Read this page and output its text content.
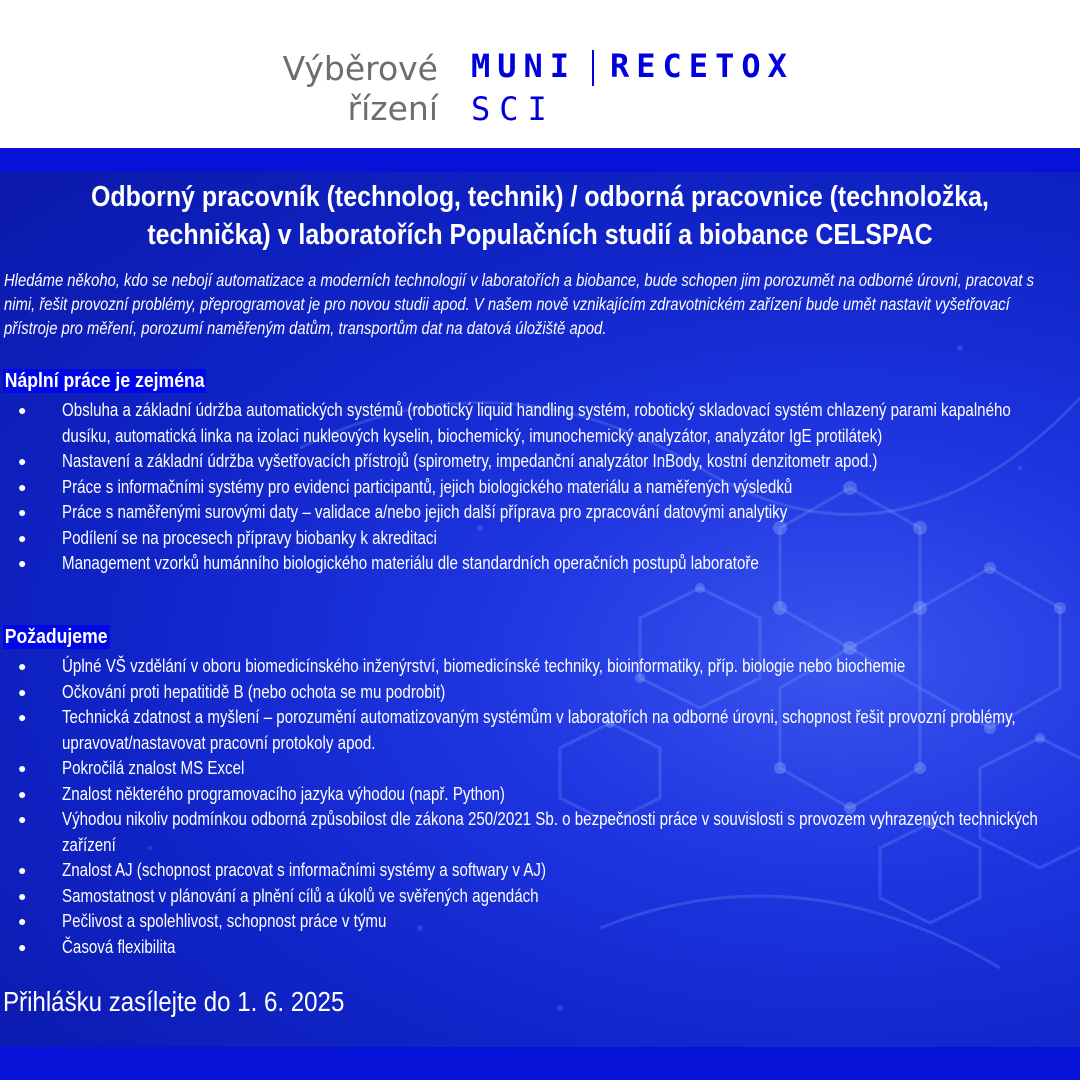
Výběrové
řízení
MUNI RECETOX
SCI
Odborný pracovník (technolog, technik) / odborná pracovnice (technoložka, technička) v laboratořích Populačních studií a biobance CELSPAC
Hledáme někoho, kdo se nebojí automatizace a moderních technologií v laboratořích a biobance, bude schopen jim porozumět na odborné úrovni, pracovat s nimi, řešit provozní problémy, přeprogramovat je pro novou studii apod. V našem nově vznikajícím zdravotnickém zařízení bude umět nastavit vyšetřovací přístroje pro měření, porozumí naměřeným datům, transportům dat na datová úložiště apod.
Náplní práce je zejména
● Obsluha a základní údržba automatických systémů (robotický liquid handling systém, robotický skladovací systém chlazený parami kapalného dusíku, automatická linka na izolaci nukleových kyselin, biochemický, imunochemický analyzátor, analyzátor IgE protilátek)
● Nastavení a základní údržba vyšetřovacích přístrojů (spirometry, impedanční analyzátor InBody, kostní denzitometr apod.)
● Práce s informačními systémy pro evidenci participantů, jejich biologického materiálu a naměřených výsledků
● Práce s naměřenými surovými daty – validace a/nebo jejich další příprava pro zpracování datovými analytiky
● Podílení se na procesech přípravy biobanky k akreditaci
● Management vzorků humánního biologického materiálu dle standardních operačních postupů laboratoře
Požadujeme
● Úplné VŠ vzdělání v oboru biomedicínského inženýrství, biomedicínské techniky, bioinformatiky, příp. biologie nebo biochemie
● Očkování proti hepatitidě B (nebo ochota se mu podrobit)
● Technická zdatnost a myšlení – porozumění automatizovaným systémům v laboratořích na odborné úrovni, schopnost řešit provozní problémy, upravovat/nastavovat pracovní protokoly apod.
● Pokročilá znalost MS Excel
● Znalost některého programovacího jazyka výhodou (např. Python)
● Výhodou nikoliv podmínkou odborná způsobilost dle zákona 250/2021 Sb. o bezpečnosti práce v souvislosti s provozem vyhrazených technických zařízení
● Znalost AJ (schopnost pracovat s informačními systémy a softwary v AJ)
● Samostatnost v plánování a plnění cílů a úkolů ve svěřených agendách
● Pečlivost a spolehlivost, schopnost práce v týmu
● Časová flexibilita
Přihlášku zasílejte do 1. 6. 2025
